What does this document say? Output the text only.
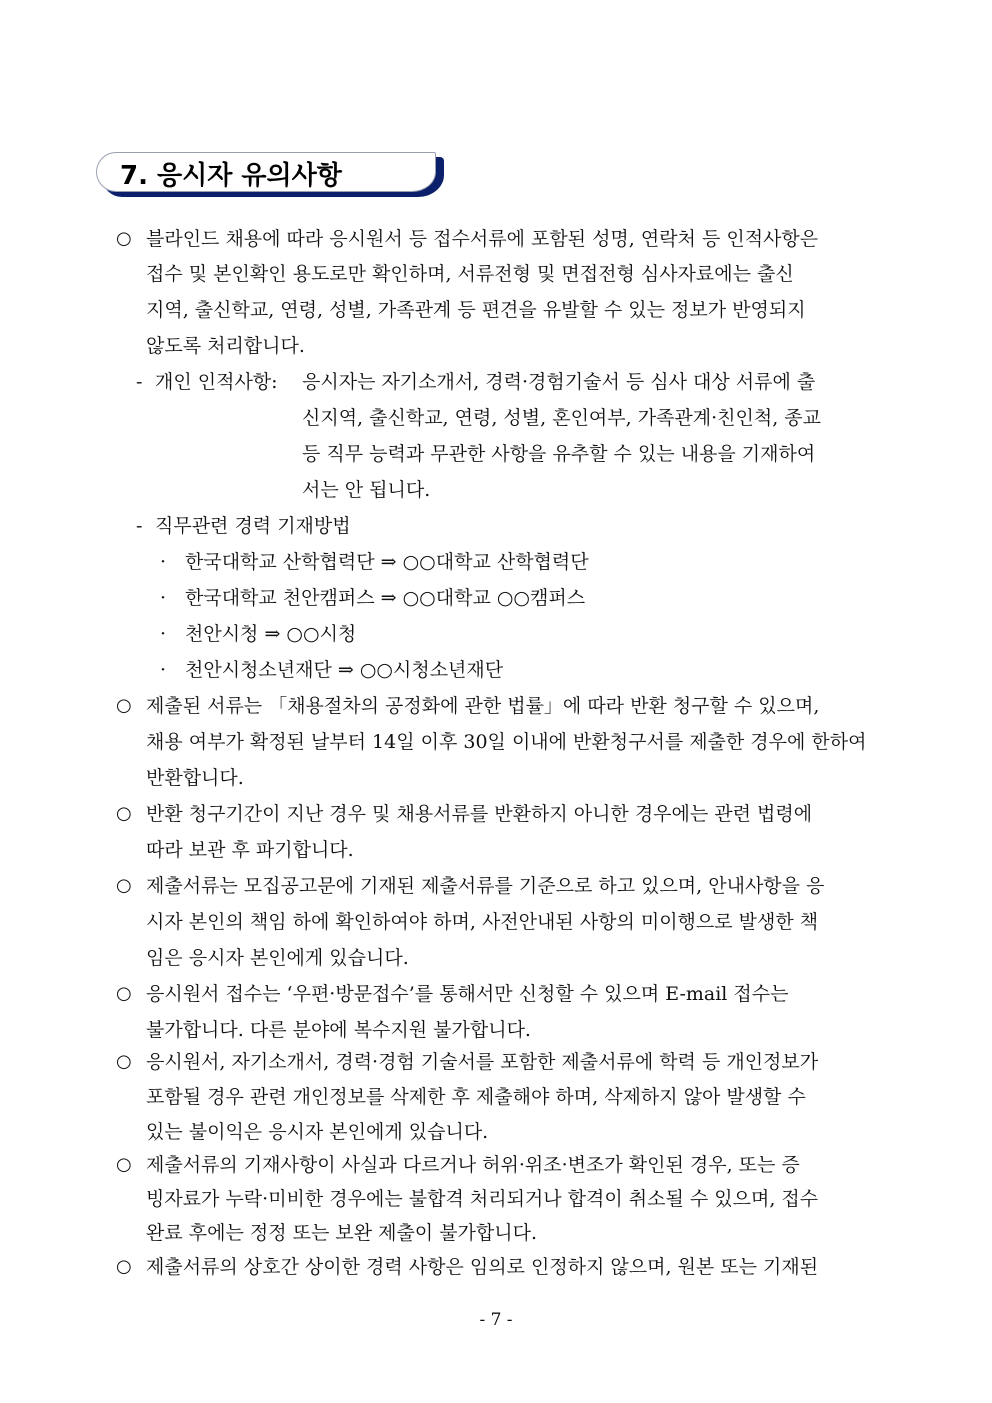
7. 응시자 유의사항
○ 블라인드 채용에 따라 응시원서 등 접수서류에 포함된 성명, 연락처 등 인적사항은
접수 및 본인확인 용도로만 확인하며, 서류전형 및 면접전형 심사자료에는 출신
지역, 출신학교, 연령, 성별, 가족관계 등 편견을 유발할 수 있는 정보가 반영되지
않도록 처리합니다.
- 개인 인적사항: 응시자는 자기소개서, 경력·경험기술서 등 심사 대상 서류에 출
신지역, 출신학교, 연령, 성별, 혼인여부, 가족관계·친인척, 종교
등 직무 능력과 무관한 사항을 유추할 수 있는 내용을 기재하여
서는 안 됩니다.
- 직무관련 경력 기재방법
· 한국대학교 산학협력단 ⇒ ○○대학교 산학협력단
· 한국대학교 천안캠퍼스 ⇒ ○○대학교 ○○캠퍼스
· 천안시청 ⇒ ○○시청
· 천안시청소년재단 ⇒ ○○시청소년재단
○ 제출된 서류는 「채용절차의 공정화에 관한 법률」에 따라 반환 청구할 수 있으며,
채용 여부가 확정된 날부터 14일 이후 30일 이내에 반환청구서를 제출한 경우에 한하여
반환합니다.
○ 반환 청구기간이 지난 경우 및 채용서류를 반환하지 아니한 경우에는 관련 법령에
따라 보관 후 파기합니다.
○ 제출서류는 모집공고문에 기재된 제출서류를 기준으로 하고 있으며, 안내사항을 응
시자 본인의 책임 하에 확인하여야 하며, 사전안내된 사항의 미이행으로 발생한 책
임은 응시자 본인에게 있습니다.
○ 응시원서 접수는 ‘우편·방문접수’를 통해서만 신청할 수 있으며 E-mail 접수는
불가합니다. 다른 분야에 복수지원 불가합니다.
○ 응시원서, 자기소개서, 경력·경험 기술서를 포함한 제출서류에 학력 등 개인정보가
포함될 경우 관련 개인정보를 삭제한 후 제출해야 하며, 삭제하지 않아 발생할 수
있는 불이익은 응시자 본인에게 있습니다.
○ 제출서류의 기재사항이 사실과 다르거나 허위·위조·변조가 확인된 경우, 또는 증
빙자료가 누락·미비한 경우에는 불합격 처리되거나 합격이 취소될 수 있으며, 접수
완료 후에는 정정 또는 보완 제출이 불가합니다.
○ 제출서류의 상호간 상이한 경력 사항은 임의로 인정하지 않으며, 원본 또는 기재된
- 7 -
